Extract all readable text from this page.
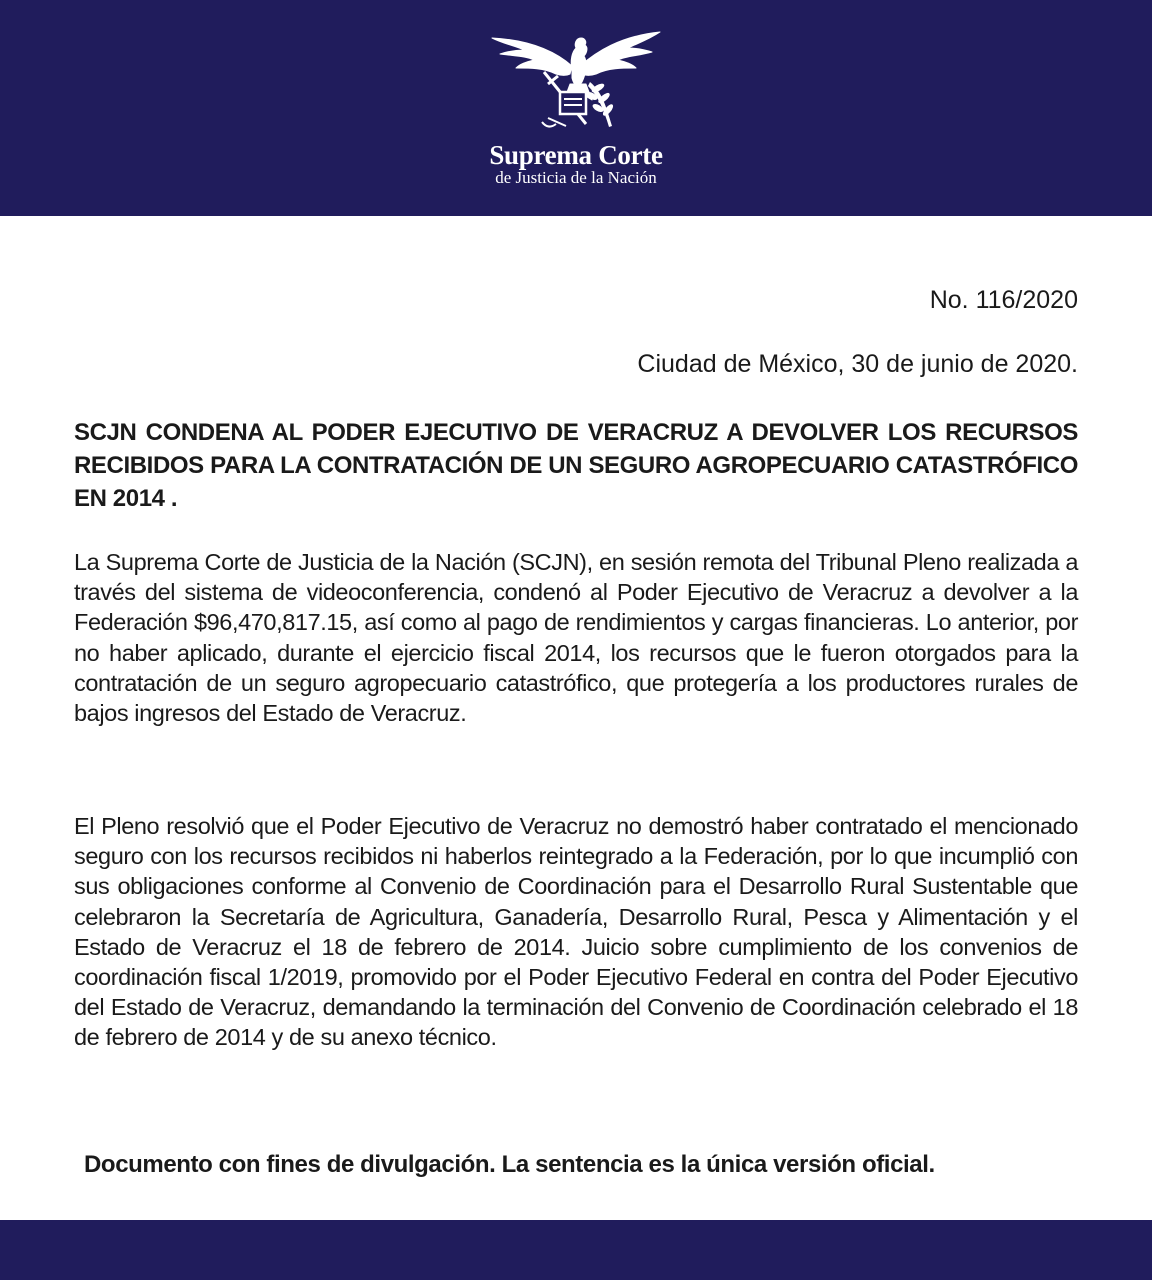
Suprema Corte
de Justicia de la Nación
No. 116/2020
Ciudad de México, 30 de junio de 2020.
SCJN CONDENA AL PODER EJECUTIVO DE VERACRUZ A DEVOLVER LOS RECURSOS RECIBIDOS PARA LA CONTRATACIÓN DE UN SEGURO AGROPECUARIO CATASTRÓFICO EN 2014 .
La Suprema Corte de Justicia de la Nación (SCJN), en sesión remota del Tribunal Pleno realizada a través del sistema de videoconferencia, condenó al Poder Ejecutivo de Veracruz a devolver a la Federación $96,470,817.15, así como al pago de rendimientos y cargas financieras. Lo anterior, por no haber aplicado, durante el ejercicio fiscal 2014, los recursos que le fueron otorgados para la contratación de un seguro agropecuario catastrófico, que protegería a los productores rurales de bajos ingresos del Estado de Veracruz.
El Pleno resolvió que el Poder Ejecutivo de Veracruz no demostró haber contratado el mencionado seguro con los recursos recibidos ni haberlos reintegrado a la Federación, por lo que incumplió con sus obligaciones conforme al Convenio de Coordinación para el Desarrollo Rural Sustentable que celebraron la Secretaría de Agricultura, Ganadería, Desarrollo Rural, Pesca y Alimentación y el Estado de Veracruz el 18 de febrero de 2014. Juicio sobre cumplimiento de los convenios de coordinación fiscal 1/2019, promovido por el Poder Ejecutivo Federal en contra del Poder Ejecutivo del Estado de Veracruz, demandando la terminación del Convenio de Coordinación celebrado el 18 de febrero de 2014 y de su anexo técnico.
Documento con fines de divulgación. La sentencia es la única versión oficial.
